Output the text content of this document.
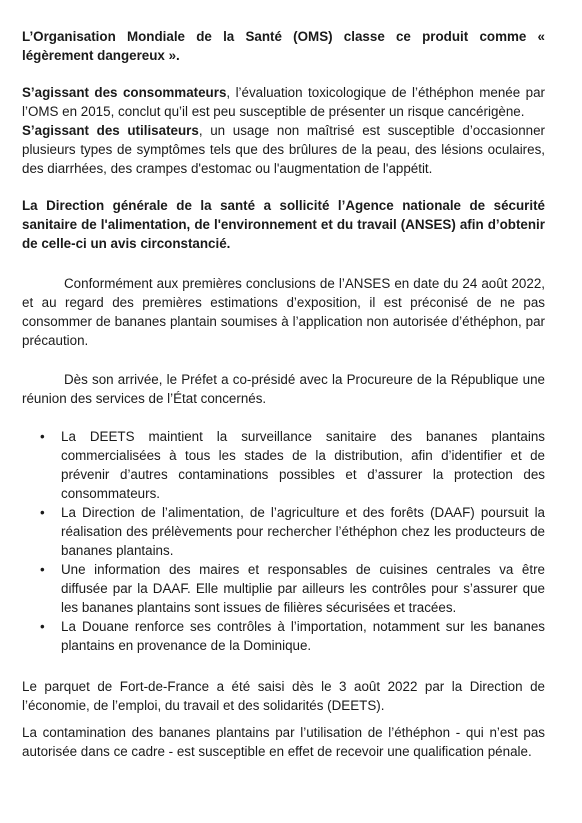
L’Organisation Mondiale de la Santé (OMS) classe ce produit comme « légèrement dangereux ».

S’agissant des consommateurs, l’évaluation toxicologique de l’éthéphon menée par l’OMS en 2015, conclut qu’il est peu susceptible de présenter un risque cancérigène.

S’agissant des utilisateurs, un usage non maîtrisé est susceptible d’occasionner plusieurs types de symptômes tels que des brûlures de la peau, des lésions oculaires, des diarrhées, des crampes d'estomac ou l'augmentation de l'appétit.

La Direction générale de la santé a sollicité l’Agence nationale de sécurité sanitaire de l'alimentation, de l'environnement et du travail (ANSES) afin d’obtenir de celle-ci un avis circonstancié.

Conformément aux premières conclusions de l’ANSES en date du 24 août 2022, et au regard des premières estimations d’exposition, il est préconisé de ne pas consommer de bananes plantain soumises à l’application non autorisée d’éthéphon, par précaution.

Dès son arrivée, le Préfet a co-présidé avec la Procureure de la République une réunion des services de l’État concernés.

• La DEETS maintient la surveillance sanitaire des bananes plantains commercialisées à tous les stades de la distribution, afin d’identifier et de prévenir d’autres contaminations possibles et d’assurer la protection des consommateurs.
• La Direction de l’alimentation, de l’agriculture et des forêts (DAAF) poursuit la réalisation des prélèvements pour rechercher l’éthéphon chez les producteurs de bananes plantains.
• Une information des maires et responsables de cuisines centrales va être diffusée par la DAAF. Elle multiplie par ailleurs les contrôles pour s’assurer que les bananes plantains sont issues de filières sécurisées et tracées.
• La Douane renforce ses contrôles à l’importation, notamment sur les bananes plantains en provenance de la Dominique.

Le parquet de Fort-de-France a été saisi dès le 3 août 2022 par la Direction de l’économie, de l’emploi, du travail et des solidarités (DEETS).

La contamination des bananes plantains par l’utilisation de l’éthéphon - qui n’est pas autorisée dans ce cadre - est susceptible en effet de recevoir une qualification pénale.
